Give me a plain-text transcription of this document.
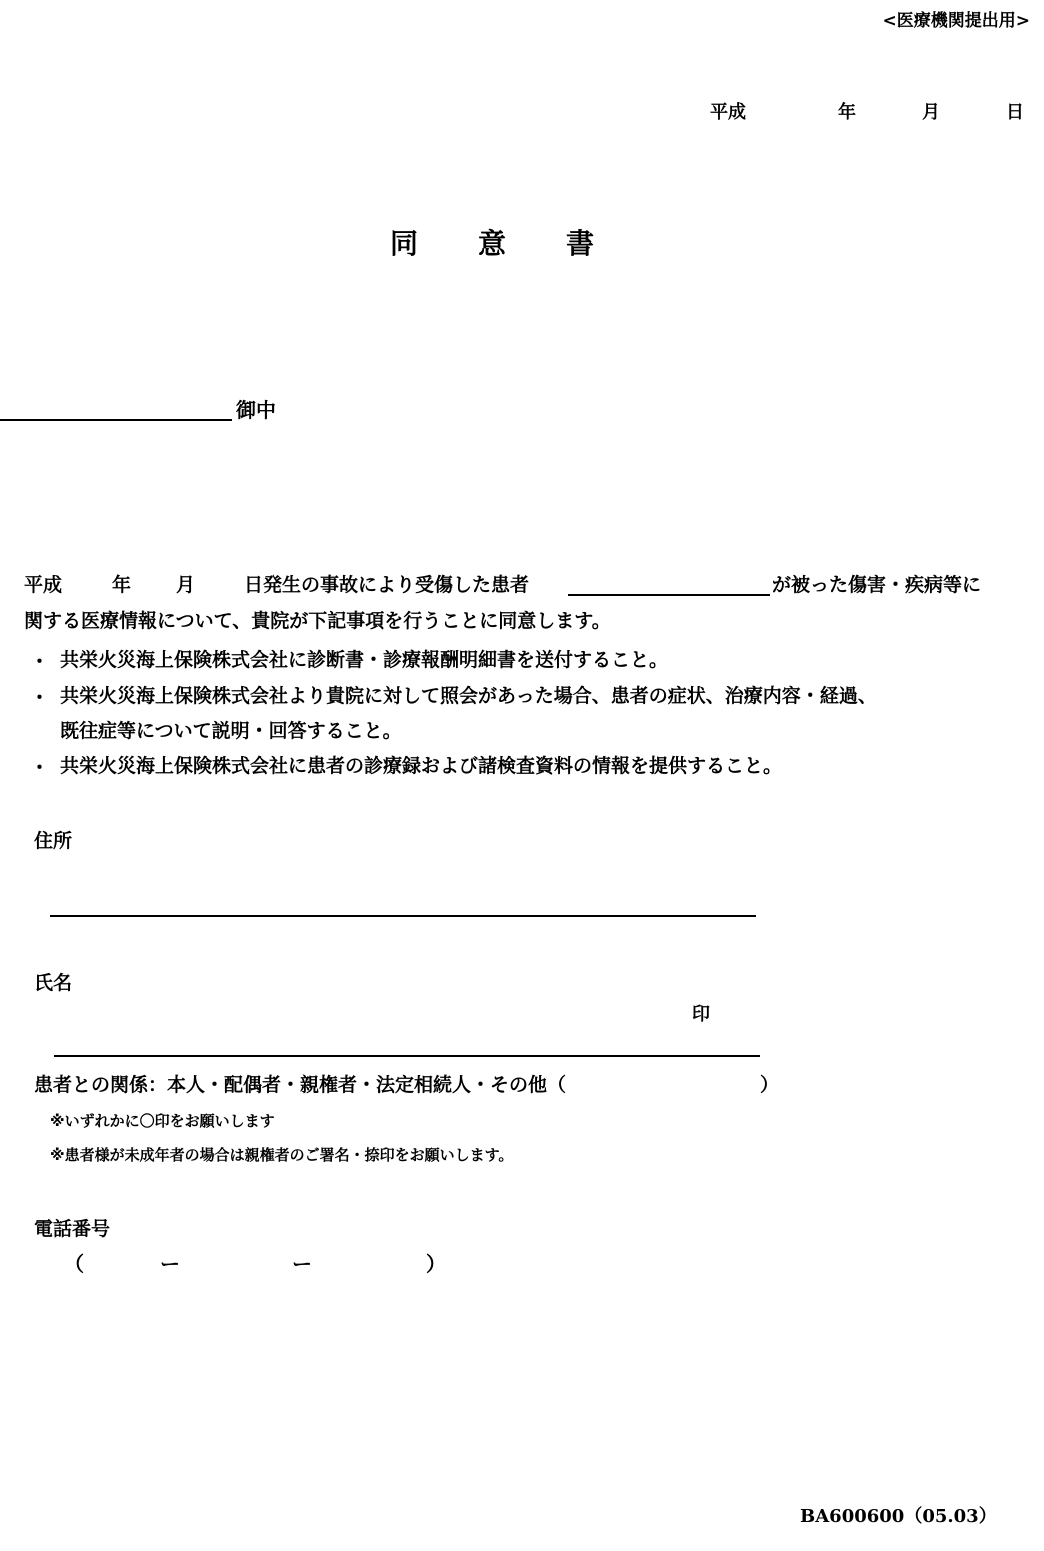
<医療機関提出用>
平成	年	月	日
同意書
御中
平成	年 月	日発生の事故により受傷した患者	が被った傷害・疾病等に
関する医療情報について、貴院が下記事項を行うことに同意します。
・ 共栄火災海上保険株式会社に診断書・診療報酬明細書を送付すること。
・ 共栄火災海上保険株式会社より貴院に対して照会があった場合、患者の症状、治療内容・経過、
既往症等について説明・回答すること。
・ 共栄火災海上保険株式会社に患者の診療録および諸検査資料の情報を提供すること。
住所
氏名
印
患者との関係：本人・配偶者・親権者・法定相続人・その他（	）
※いずれかに〇印をお願いします
※患者様が未成年者の場合は親権者のご署名・捺印をお願いします。
電話番号
（	ー	ー	）
BA600600（05.03）
